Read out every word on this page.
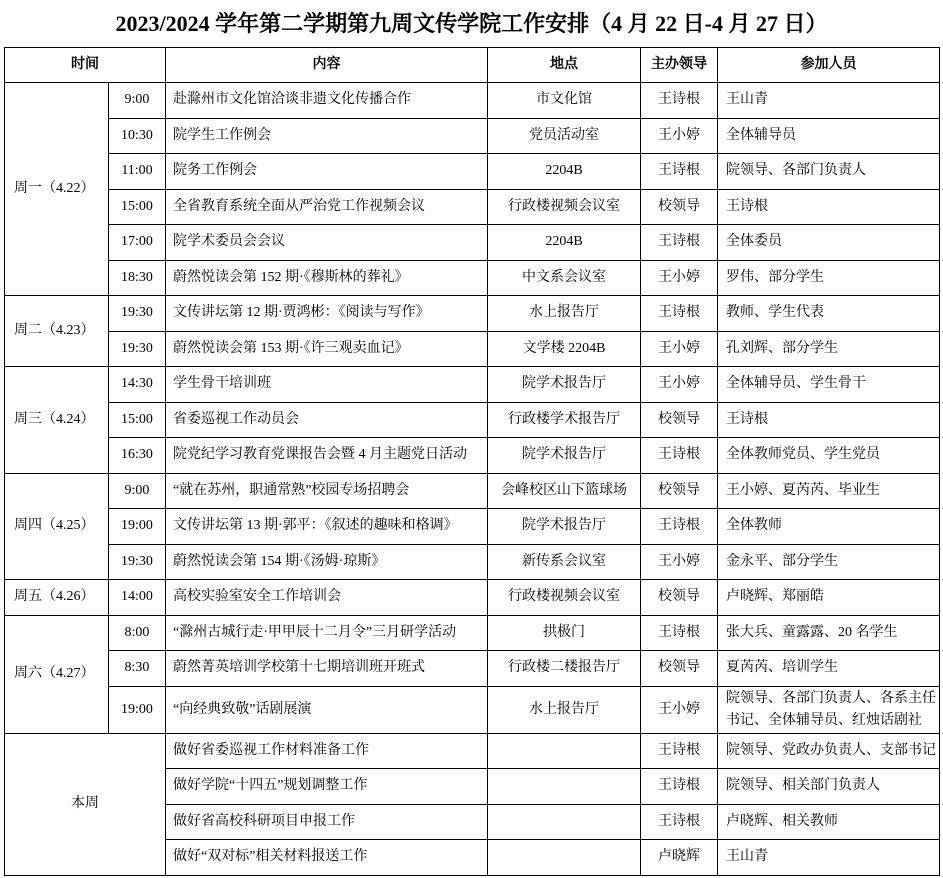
2023/2024 学年第二学期第九周文传学院工作安排（4 月 22 日-4 月 27 日）
时间		内容	地点	主办领导	参加人员
周一（4.22）	9:00	赴滁州市文化馆洽谈非遗文化传播合作	市文化馆	王诗根	王山青
	10:30	院学生工作例会	党员活动室	王小婷	全体辅导员
	11:00	院务工作例会	2204B	王诗根	院领导、各部门负责人
	15:00	全省教育系统全面从严治党工作视频会议	行政楼视频会议室	校领导	王诗根
	17:00	院学术委员会会议	2204B	王诗根	全体委员
	18:30	蔚然悦读会第 152 期·《穆斯林的葬礼》	中文系会议室	王小婷	罗伟、部分学生
周二（4.23）	19:30	文传讲坛第 12 期·贾鸿彬：《阅读与写作》	水上报告厅	王诗根	教师、学生代表
	19:30	蔚然悦读会第 153 期·《许三观卖血记》	文学楼 2204B	王小婷	孔刘辉、部分学生
周三（4.24）	14:30	学生骨干培训班	院学术报告厅	王小婷	全体辅导员、学生骨干
	15:00	省委巡视工作动员会	行政楼学术报告厅	校领导	王诗根
	16:30	院党纪学习教育党课报告会暨 4 月主题党日活动	院学术报告厅	王诗根	全体教师党员、学生党员
周四（4.25）	9:00	“就在苏州，职通常熟”校园专场招聘会	会峰校区山下篮球场	校领导	王小婷、夏芮芮、毕业生
	19:00	文传讲坛第 13 期·郭平：《叙述的趣味和格调》	院学术报告厅	王诗根	全体教师
	19:30	蔚然悦读会第 154 期·《汤姆·琼斯》	新传系会议室	王小婷	金永平、部分学生
周五（4.26）	14:00	高校实验室安全工作培训会	行政楼视频会议室	校领导	卢晓辉、郑丽皓
周六（4.27）	8:00	“滁州古城行走·甲甲辰十二月令”三月研学活动	拱极门	王诗根	张大兵、童露露、20 名学生
	8:30	蔚然菁英培训学校第十七期培训班开班式	行政楼二楼报告厅	校领导	夏芮芮、培训学生
	19:00	“向经典致敬”话剧展演	水上报告厅	王小婷	院领导、各部门负责人、各系主任书记、全体辅导员、红烛话剧社

本周		做好省委巡视工作材料准备工作		王诗根	院领导、党政办负责人、支部书记
		做好学院“十四五”规划调整工作		王诗根	院领导、相关部门负责人
		做好省高校科研项目申报工作		王诗根	卢晓辉、相关教师
		做好“双对标”相关材料报送工作		卢晓辉	王山青
